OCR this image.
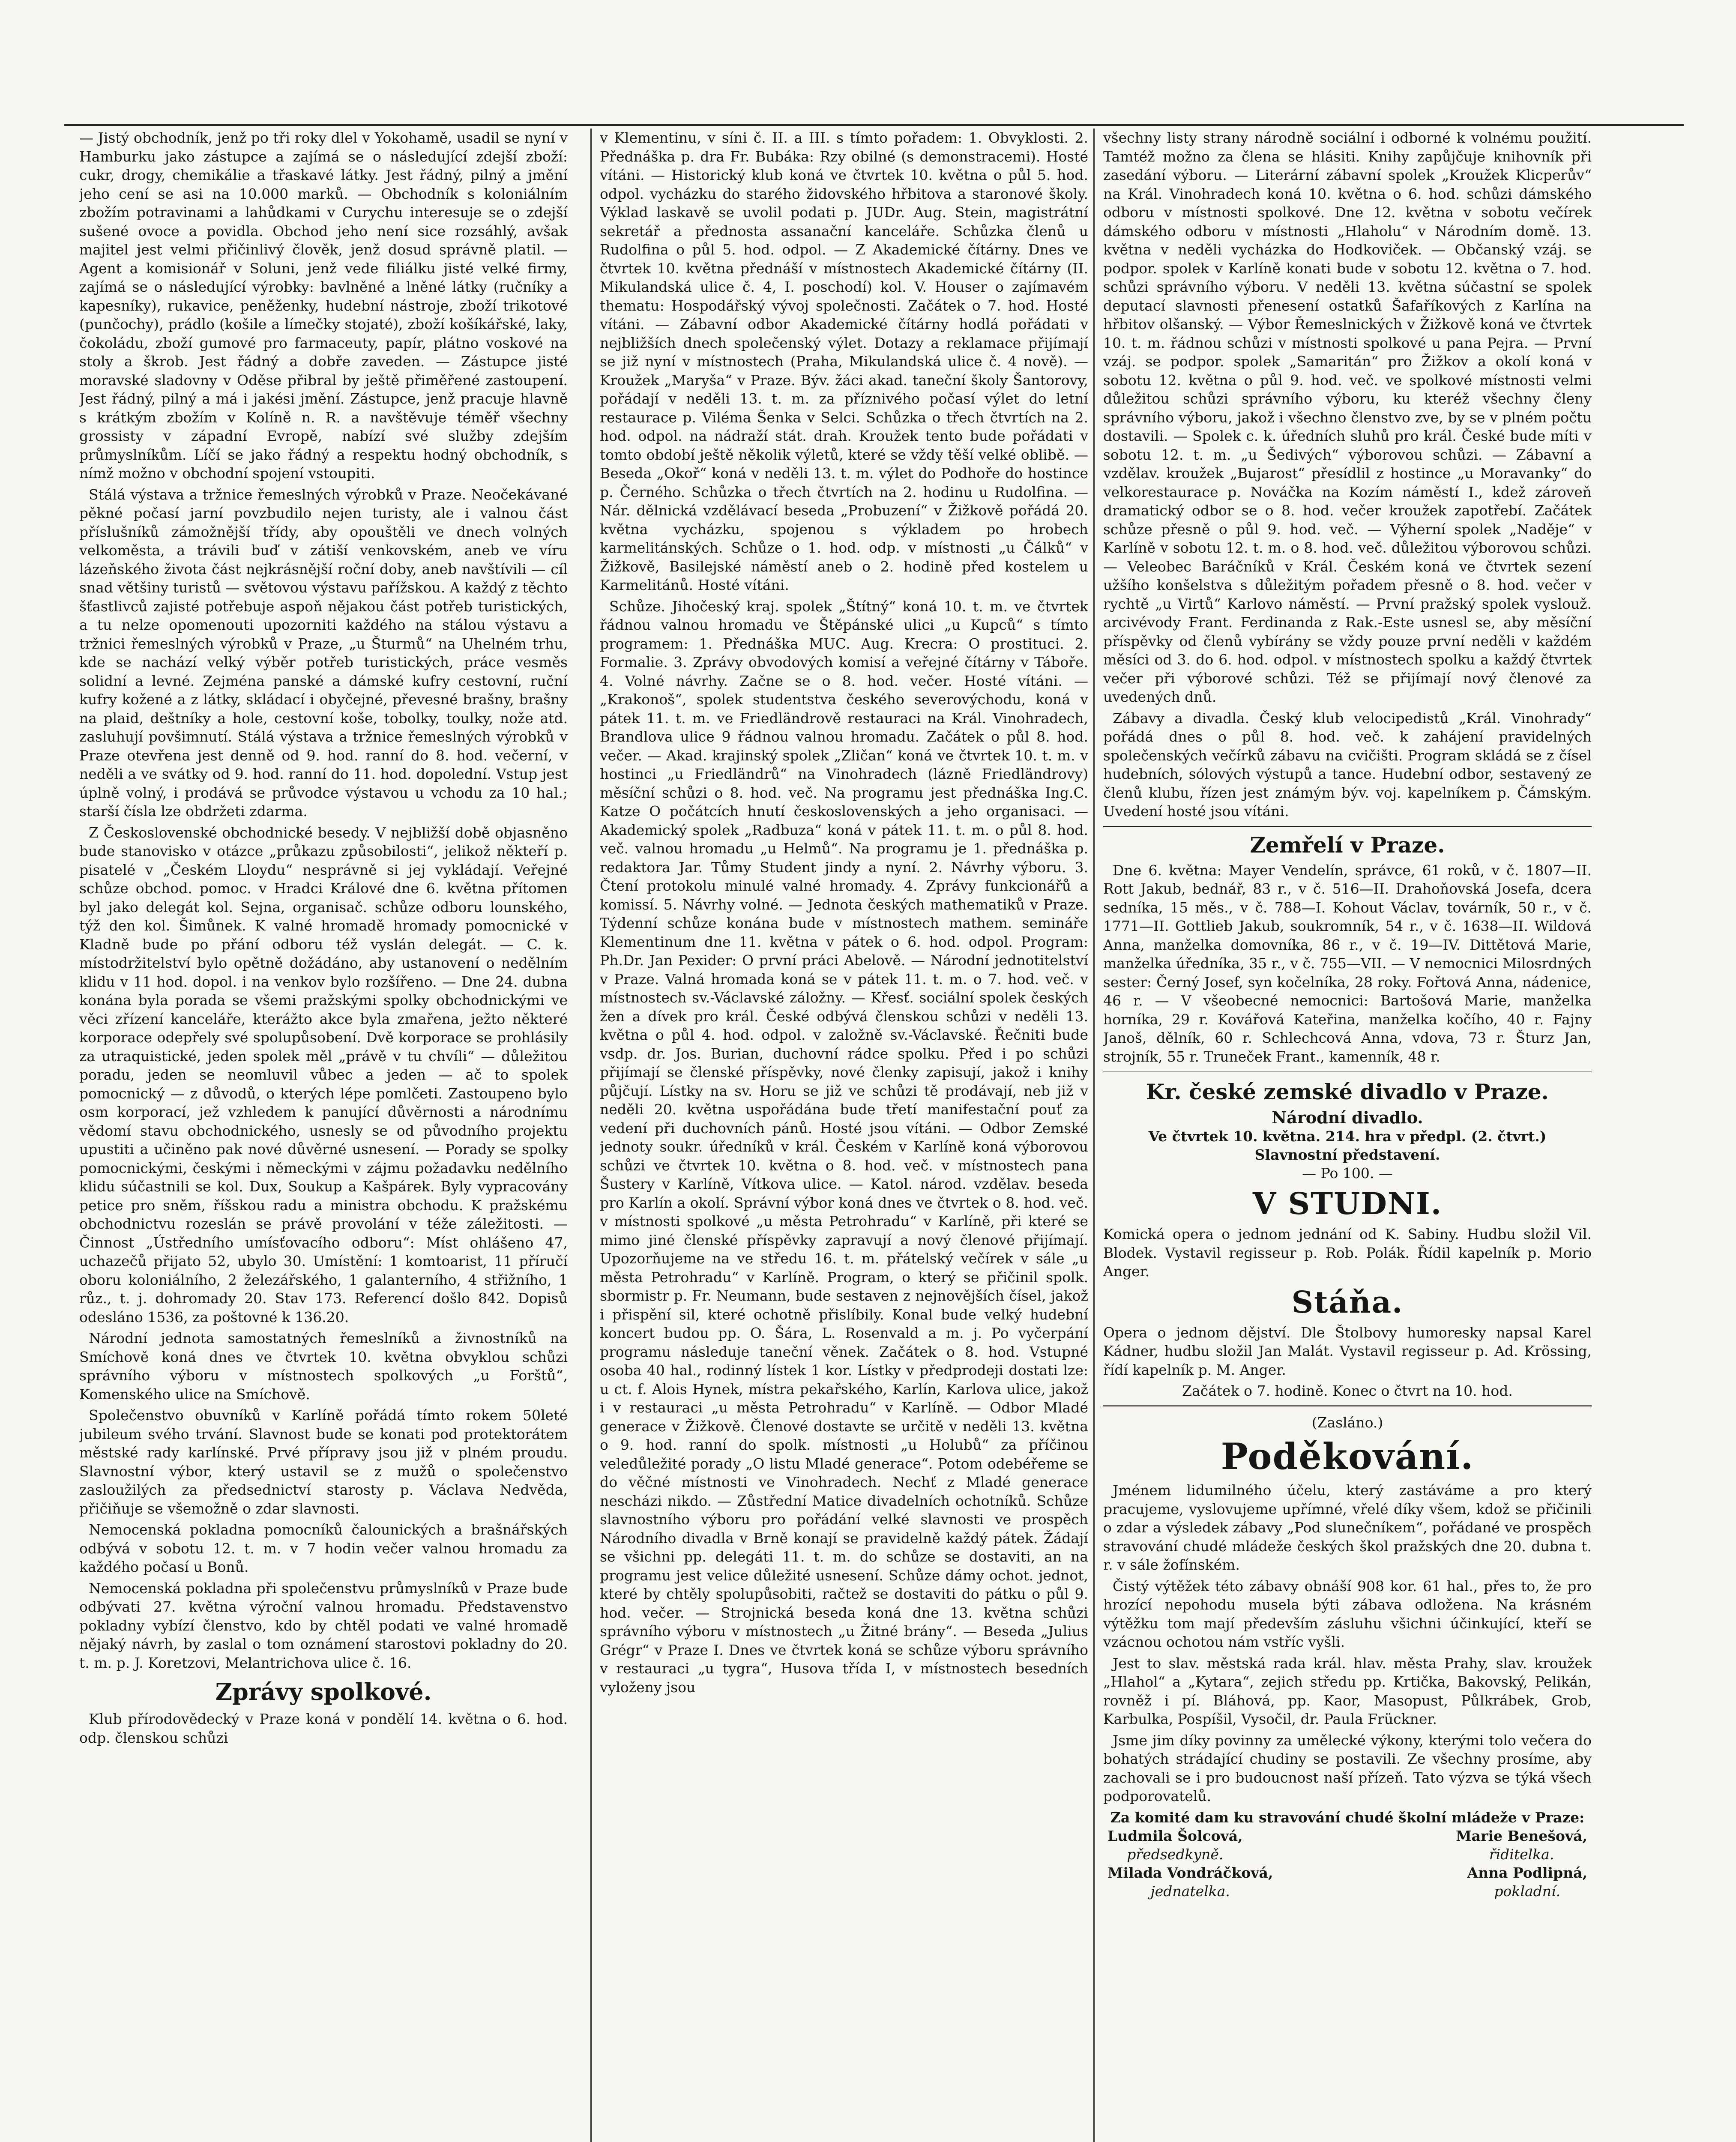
— Jistý obchodník, jenž po tři roky dlel v Yokohamě, usadil se nyní v Hamburku jako zástupce a zajímá se o následující zdejší zboží: cukr, drogy, chemikálie a třaskavé látky. Jest řádný, pilný a jmění jeho cení se asi na 10.000 marků. — Obchodník s koloniálním zbožím potravinami a lahůdkami v Curychu interesuje se o zdejší sušené ovoce a povidla. Obchod jeho není sice rozsáhlý, avšak majitel jest velmi přičinlivý člověk, jenž dosud správně platil. — Agent a komisionář v Soluni, jenž vede filiálku jisté velké firmy, zajímá se o následující výrobky: bavlněné a lněné látky (ručníky a kapesníky), rukavice, peněženky, hudební nástroje, zboží trikotové (punčochy), prádlo (košile a límečky stojaté), zboží košíkářské, laky, čokoládu, zboží gumové pro farmaceuty, papír, plátno voskové na stoly a škrob. Jest řádný a dobře zaveden. — Zástupce jisté moravské sladovny v Oděse přibral by ještě přiměřené zastoupení. Jest řádný, pilný a má i jakési jmění. Zástupce, jenž pracuje hlavně s krátkým zbožím v Kolíně n. R. a navštěvuje téměř všechny grossisty v západní Evropě, nabízí své služby zdejším průmyslníkům. Líčí se jako řádný a respektu hodný obchodník, s nímž možno v obchodní spojení vstoupiti.

Stálá výstava a tržnice řemeslných výrobků v Praze. Neočekávané pěkné počasí jarní povzbudilo nejen turisty, ale i valnou část příslušníků zámožnější třídy, aby opouštěli ve dnech volných velkoměsta, a trávili buď v zátiší venkovském, aneb ve víru lázeňského života část nejkrásnější roční doby, aneb navštívili — cíl snad většiny turistů — světovou výstavu pařížskou. A každý z těchto šťastlivců zajisté potřebuje aspoň nějakou část potřeb turistických, a tu nelze opomenouti upozorniti každého na stálou výstavu a tržnici řemeslných výrobků v Praze, „u Šturmů“ na Uhelném trhu, kde se nachází velký výběr potřeb turistických, práce vesměs solidní a levné. Zejména panské a dámské kufry cestovní, ruční kufry kožené a z látky, skládací i obyčejné, převesné brašny, brašny na plaid, deštníky a hole, cestovní koše, tobolky, toulky, nože atd. zasluhují povšimnutí. Stálá výstava a tržnice řemeslných výrobků v Praze otevřena jest denně od 9. hod. ranní do 8. hod. večerní, v neděli a ve svátky od 9. hod. ranní do 11. hod. dopolední. Vstup jest úplně volný, i prodává se průvodce výstavou u vchodu za 10 hal.; starší čísla lze obdržeti zdarma.

Z Československé obchodnické besedy. V nejbližší době objasněno bude stanovisko v otázce „průkazu způsobilosti“, jelikož někteří p. pisatelé v „Českém Lloydu“ nesprávně si jej vykládají. Veřejné schůze obchod. pomoc. v Hradci Králové dne 6. května přítomen byl jako delegát kol. Sejna, organisač. schůze odboru lounského, týž den kol. Šimůnek. K valné hromadě hromady pomocnické v Kladně bude po přání odboru též vyslán delegát. — C. k. místodržitelství bylo opětně dožádáno, aby ustanovení o nedělním klidu v 11 hod. dopol. i na venkov bylo rozšířeno. — Dne 24. dubna konána byla porada se všemi pražskými spolky obchodnickými ve věci zřízení kanceláře, kterážto akce byla zmařena, ježto některé korporace odepřely své spolupůsobení. Dvě korporace se prohlásily za utraquistické, jeden spolek měl „právě v tu chvíli“ — důležitou poradu, jeden se neomluvil vůbec a jeden — ač to spolek pomocnický — z důvodů, o kterých lépe pomlčeti. Zastoupeno bylo osm korporací, jež vzhledem k panující důvěrnosti a národnímu vědomí stavu obchodnického, usnesly se od původního projektu upustiti a učiněno pak nové důvěrné usnesení. — Porady se spolky pomocnickými, českými i německými v zájmu požadavku nedělního klidu súčastnili se kol. Dux, Soukup a Kašpárek. Byly vypracovány petice pro sněm, říšskou radu a ministra obchodu. K pražskému obchodnictvu rozeslán se právě provolání v téže záležitosti. — Činnost „Ústředního umísťovacího odboru“: Míst ohlášeno 47, uchazečů přijato 52, ubylo 30. Umístění: 1 komtoarist, 11 příručí oboru koloniálního, 2 železářského, 1 galanterního, 4 střižního, 1 růz., t. j. dohromady 20. Stav 173. Referencí došlo 842. Dopisů odesláno 1536, za poštovné k 136.20.

Národní jednota samostatných řemeslníků a živnostníků na Smíchově koná dnes ve čtvrtek 10. května obvyklou schůzi správního výboru v místnostech spolkových „u Forštů“, Komenského ulice na Smíchově.

Společenstvo obuvníků v Karlíně pořádá tímto rokem 50leté jubileum svého trvání. Slavnost bude se konati pod protektorátem městské rady karlínské. Prvé přípravy jsou již v plném proudu. Slavnostní výbor, který ustavil se z mužů o společenstvo zasloužilých za předsednictví starosty p. Václava Nedvěda, přičiňuje se všemožně o zdar slavnosti.

Nemocenská pokladna pomocníků čalounických a brašnářských odbývá v sobotu 12. t. m. v 7 hodin večer valnou hromadu za každého počasí u Bonů.

Nemocenská pokladna při společenstvu průmyslníků v Praze bude odbývati 27. května výroční valnou hromadu. Představenstvo pokladny vybízí členstvo, kdo by chtěl podati ve valné hromadě nějaký návrh, by zaslal o tom oznámení starostovi pokladny do 20. t. m. p. J. Koretzovi, Melantrichova ulice č. 16.

Zprávy spolkové.

Klub přírodovědecký v Praze koná v pondělí 14. května o 6. hod. odp. členskou schůzi

v Klementinu, v síni č. II. a III. s tímto pořadem: 1. Obvyklosti. 2. Přednáška p. dra Fr. Bubáka: Rzy obilné (s demonstracemi). Hosté vítáni. — Historický klub koná ve čtvrtek 10. května o půl 5. hod. odpol. vycházku do starého židovského hřbitova a staronové školy. Výklad laskavě se uvolil podati p. JUDr. Aug. Stein, magistrátní sekretář a přednosta assanační kanceláře. Schůzka členů u Rudolfina o půl 5. hod. odpol. — Z Akademické čítárny. Dnes ve čtvrtek 10. května přednáší v místnostech Akademické čítárny (II. Mikulandská ulice č. 4, I. poschodí) kol. V. Houser o zajímavém thematu: Hospodářský vývoj společnosti. Začátek o 7. hod. Hosté vítáni. — Zábavní odbor Akademické čítárny hodlá pořádati v nejbližších dnech společenský výlet. Dotazy a reklamace přijímají se již nyní v místnostech (Praha, Mikulandská ulice č. 4 nově). — Kroužek „Maryša“ v Praze. Býv. žáci akad. taneční školy Šantorovy, pořádají v neděli 13. t. m. za příznivého počasí výlet do letní restaurace p. Viléma Šenka v Selci. Schůzka o třech čtvrtích na 2. hod. odpol. na nádraží stát. drah. Kroužek tento bude pořádati v tomto období ještě několik výletů, které se vždy těší velké oblibě. — Beseda „Okoř“ koná v neděli 13. t. m. výlet do Podhoře do hostince p. Černého. Schůzka o třech čtvrtích na 2. hodinu u Rudolfina. — Nár. dělnická vzdělávací beseda „Probuzení“ v Žižkově pořádá 20. května vycházku, spojenou s výkladem po hrobech karmelitánských. Schůze o 1. hod. odp. v místnosti „u Čálků“ v Žižkově, Basilejské náměstí aneb o 2. hodině před kostelem u Karmelitánů. Hosté vítáni.

Schůze. Jihočeský kraj. spolek „Štítný“ koná 10. t. m. ve čtvrtek řádnou valnou hromadu ve Štěpánské ulici „u Kupců“ s tímto programem: 1. Přednáška MUC. Aug. Krecra: O prostituci. 2. Formalie. 3. Zprávy obvodových komisí a veřejné čítárny v Táboře. 4. Volné návrhy. Začne se o 8. hod. večer. Hosté vítáni. — „Krakonoš“, spolek studentstva českého severovýchodu, koná v pátek 11. t. m. ve Friedländrově restauraci na Král. Vinohradech, Brandlova ulice 9 řádnou valnou hromadu. Začátek o půl 8. hod. večer. — Akad. krajinský spolek „Zličan“ koná ve čtvrtek 10. t. m. v hostinci „u Friedländrů“ na Vinohradech (lázně Friedländrovy) měsíční schůzi o 8. hod. več. Na programu jest přednáška Ing.C. Katze O počátcích hnutí československých a jeho organisaci. — Akademický spolek „Radbuza“ koná v pátek 11. t. m. o půl 8. hod. več. valnou hromadu „u Helmů“. Na programu je 1. přednáška p. redaktora Jar. Tůmy Student jindy a nyní. 2. Návrhy výboru. 3. Čtení protokolu minulé valné hromady. 4. Zprávy funkcionářů a komissí. 5. Návrhy volné. — Jednota českých mathematiků v Praze. Týdenní schůze konána bude v místnostech mathem. semináře Klementinum dne 11. května v pátek o 6. hod. odpol. Program: Ph.Dr. Jan Pexider: O první práci Abelově. — Národní jednotitelství v Praze. Valná hromada koná se v pátek 11. t. m. o 7. hod. več. v místnostech sv.-Václavské záložny. — Křesť. sociální spolek českých žen a dívek pro král. České odbývá členskou schůzi v neděli 13. května o půl 4. hod. odpol. v založně sv.-Václavské. Řečniti bude vsdp. dr. Jos. Burian, duchovní rádce spolku. Před i po schůzi přijímají se členské příspěvky, nové členky zapisují, jakož i knihy půjčují. Lístky na sv. Horu se již ve schůzi tě prodávají, neb již v neděli 20. května uspořádána bude třetí manifestační pouť za vedení při duchovních pánů. Hosté jsou vítáni. — Odbor Zemské jednoty soukr. úředníků v král. Českém v Karlíně koná výborovou schůzi ve čtvrtek 10. května o 8. hod. več. v místnostech pana Šustery v Karlíně, Vítkova ulice. — Katol. národ. vzdělav. beseda pro Karlín a okolí. Správní výbor koná dnes ve čtvrtek o 8. hod. več. v místnosti spolkové „u města Petrohradu“ v Karlíně, při které se mimo jiné členské příspěvky zapravují a nový členové přijímají. Upozorňujeme na ve středu 16. t. m. přátelský večírek v sále „u města Petrohradu“ v Karlíně. Program, o který se přičinil spolk. sbormistr p. Fr. Neumann, bude sestaven z nejnovějších čísel, jakož i přispění sil, které ochotně přislíbily. Konal bude velký hudební koncert budou pp. O. Šára, L. Rosenvald a m. j. Po vyčerpání programu následuje taneční věnek. Začátek o 8. hod. Vstupné osoba 40 hal., rodinný lístek 1 kor. Lístky v předprodeji dostati lze: u ct. f. Alois Hynek, místra pekařského, Karlín, Karlova ulice, jakož i v restauraci „u města Petrohradu“ v Karlíně. — Odbor Mladé generace v Žižkově. Členové dostavte se určitě v neděli 13. května o 9. hod. ranní do spolk. místnosti „u Holubů“ za příčinou veledůležité porady „O listu Mladé generace“. Potom odebéřeme se do věčné místnosti ve Vinohradech. Nechť z Mladé generace nescházi nikdo. — Zůstřední Matice divadelních ochotníků. Schůze slavnostního výboru pro pořádání velké slavnosti ve prospěch Národního divadla v Brně konají se pravidelně každý pátek. Žádají se všichni pp. delegáti 11. t. m. do schůze se dostaviti, an na programu jest velice důležité usnesení. Schůze dámy ochot. jednot, které by chtěly spolupůsobiti, račtež se dostaviti do pátku o půl 9. hod. večer. — Strojnická beseda koná dne 13. května schůzi správního výboru v místnostech „u Žitné brány“. — Beseda „Julius Grégr“ v Praze I. Dnes ve čtvrtek koná se schůze výboru správního v restauraci „u tygra“, Husova třída I, v místnostech besedních vyloženy jsou

všechny listy strany národně sociální i odborné k volnému použití. Tamtéž možno za člena se hlásiti. Knihy zapůjčuje knihovník při zasedání výboru. — Literární zábavní spolek „Kroužek Klicperův“ na Král. Vinohradech koná 10. května o 6. hod. schůzi dámského odboru v místnosti spolkové. Dne 12. května v sobotu večírek dámského odboru v místnosti „Hlaholu“ v Národním domě. 13. května v neděli vycházka do Hodkoviček. — Občanský vzáj. se podpor. spolek v Karlíně konati bude v sobotu 12. května o 7. hod. schůzi správního výboru. V neděli 13. května súčastní se spolek deputací slavnosti přenesení ostatků Šafaříkových z Karlína na hřbitov olšanský. — Výbor Řemeslnických v Žižkově koná ve čtvrtek 10. t. m. řádnou schůzi v místnosti spolkové u pana Pejra. — První vzáj. se podpor. spolek „Samaritán“ pro Žižkov a okolí koná v sobotu 12. května o půl 9. hod. več. ve spolkové místnosti velmi důležitou schůzi správního výboru, ku kteréž všechny členy správního výboru, jakož i všechno členstvo zve, by se v plném počtu dostavili. — Spolek c. k. úředních sluhů pro král. České bude míti v sobotu 12. t. m. „u Šedivých“ výborovou schůzi. — Zábavní a vzdělav. kroužek „Bujarost“ přesídlil z hostince „u Moravanky“ do velkorestaurace p. Nováčka na Kozím náměstí I., kdež zároveň dramatický odbor se o 8. hod. večer kroužek zapotřebí. Začátek schůze přesně o půl 9. hod. več. — Výherní spolek „Naděje“ v Karlíně v sobotu 12. t. m. o 8. hod. več. důležitou výborovou schůzi. — Veleobec Baráčníků v Král. Českém koná ve čtvrtek sezení užšího konšelstva s důležitým pořadem přesně o 8. hod. večer v rychtě „u Virtů“ Karlovo náměstí. — První pražský spolek vyslouž. arcivévody Frant. Ferdinanda z Rak.-Este usnesl se, aby měsíční příspěvky od členů vybírány se vždy pouze první neděli v každém měsíci od 3. do 6. hod. odpol. v místnostech spolku a každý čtvrtek večer při výborové schůzi. Též se přijímají nový členové za uvedených dnů.

Zábavy a divadla. Český klub velocipedistů „Král. Vinohrady“ pořádá dnes o půl 8. hod. več. k zahájení pravidelných společenských večírků zábavu na cvičišti. Program skládá se z čísel hudebních, sólových výstupů a tance. Hudební odbor, sestavený ze členů klubu, řízen jest známým býv. voj. kapelníkem p. Čámským. Uvedení hosté jsou vítáni.

Zemřelí v Praze.

Dne 6. května: Mayer Vendelín, správce, 61 roků, v č. 1807—II. Rott Jakub, bednář, 83 r., v č. 516—II. Drahoňovská Josefa, dcera sedníka, 15 měs., v č. 788—I. Kohout Václav, továrník, 50 r., v č. 1771—II. Gottlieb Jakub, soukromník, 54 r., v č. 1638—II. Wildová Anna, manželka domovníka, 86 r., v č. 19—IV. Dittětová Marie, manželka úředníka, 35 r., v č. 755—VII. — V nemocnici Milosrdných sester: Černý Josef, syn kočelníka, 28 roky. Fořtová Anna, nádenice, 46 r. — V všeobecné nemocnici: Bartošová Marie, manželka horníka, 29 r. Kovářová Kateřina, manželka kočího, 40 r. Fajny Janoš, dělník, 60 r. Schlechcová Anna, vdova, 73 r. Šturz Jan, strojník, 55 r. Truneček Frant., kamenník, 48 r.

Kr. české zemské divadlo v Praze.
Národní divadlo.

Ve čtvrtek 10. května. 214. hra v předpl. (2. čtvrt.)

Slavnostní představení.

— Po 100. —

V STUDNI.

Komická opera o jednom jednání od K. Sabiny. Hudbu složil Vil. Blodek. Vystavil regisseur p. Rob. Polák. Řídil kapelník p. Morio Anger.

Stáňa.

Opera o jednom dějství. Dle Štolbovy humoresky napsal Karel Kádner, hudbu složil Jan Malát. Vystavil regisseur p. Ad. Krössing, řídí kapelník p. M. Anger.

Začátek o 7. hodině. Konec o čtvrt na 10. hod.

(Zasláno.)

Poděkování.

Jménem lidumilného účelu, který zastáváme a pro který pracujeme, vyslovujeme upřímné, vřelé díky všem, kdož se přičinili o zdar a výsledek zábavy „Pod slunečníkem“, pořádané ve prospěch stravování chudé mládeže českých škol pražských dne 20. dubna t. r. v sále žofínském.

Čistý výtěžek této zábavy obnáší 908 kor. 61 hal., přes to, že pro hrozící nepohodu musela býti zábava odložena. Na krásném výtěžku tom mají především zásluhu všichni účinkující, kteří se vzácnou ochotou nám vstříc vyšli.

Jest to slav. městská rada král. hlav. města Prahy, slav. kroužek „Hlahol“ a „Kytara“, zejich středu pp. Krtička, Bakovský, Pelikán, rovněž i pí. Bláhová, pp. Kaor, Masopust, Půlkrábek, Grob, Karbulka, Pospíšil, Vysočil, dr. Paula Frückner.

Jsme jim díky povinny za umělecké výkony, kterými tolo večera do bohatých strádající chudiny se postavili. Ze všechny prosíme, aby zachovali se i pro budoucnost naší přízeň. Tato výzva se týká všech podporovatelů.

Za komité dam ku stravování chudé školní mládeže v Praze:

Ludmila Šolcová,
předsedkyně.
Marie Benešová,
řiditelka.
Milada Vondráčková,
jednatelka.
Anna Podlipná,
pokladní.
